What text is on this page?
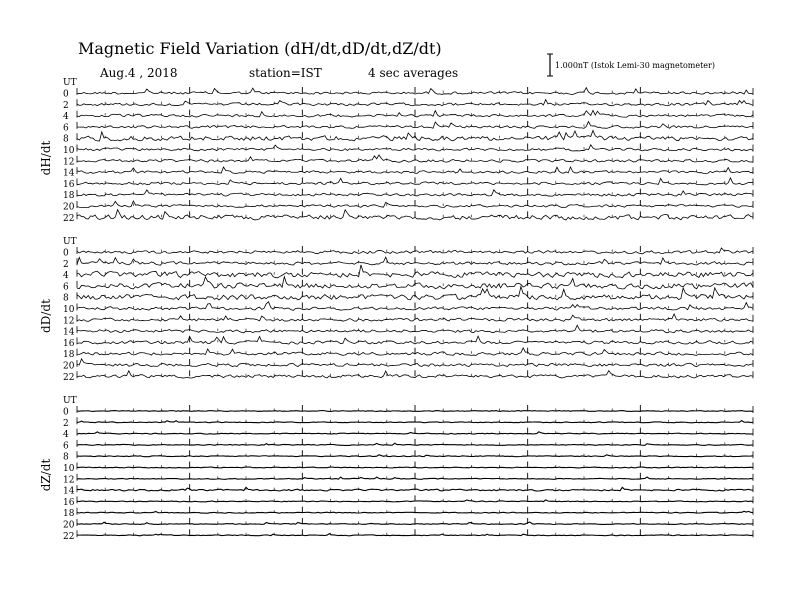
Magnetic Field Variation (dH/dt,dD/dt,dZ/dt)
Aug.4 , 2018	station=IST	4 sec averages
1.000nT (Istok Lemi-30 magnetometer)
UT
dH/dt
0
2
4
6
8
10
12
14
16
18
20
22
UT
dD/dt
0
2
4
6
8
10
12
14
16
18
20
22
UT
dZ/dt
0
2
4
6
8
10
12
14
16
18
20
22
